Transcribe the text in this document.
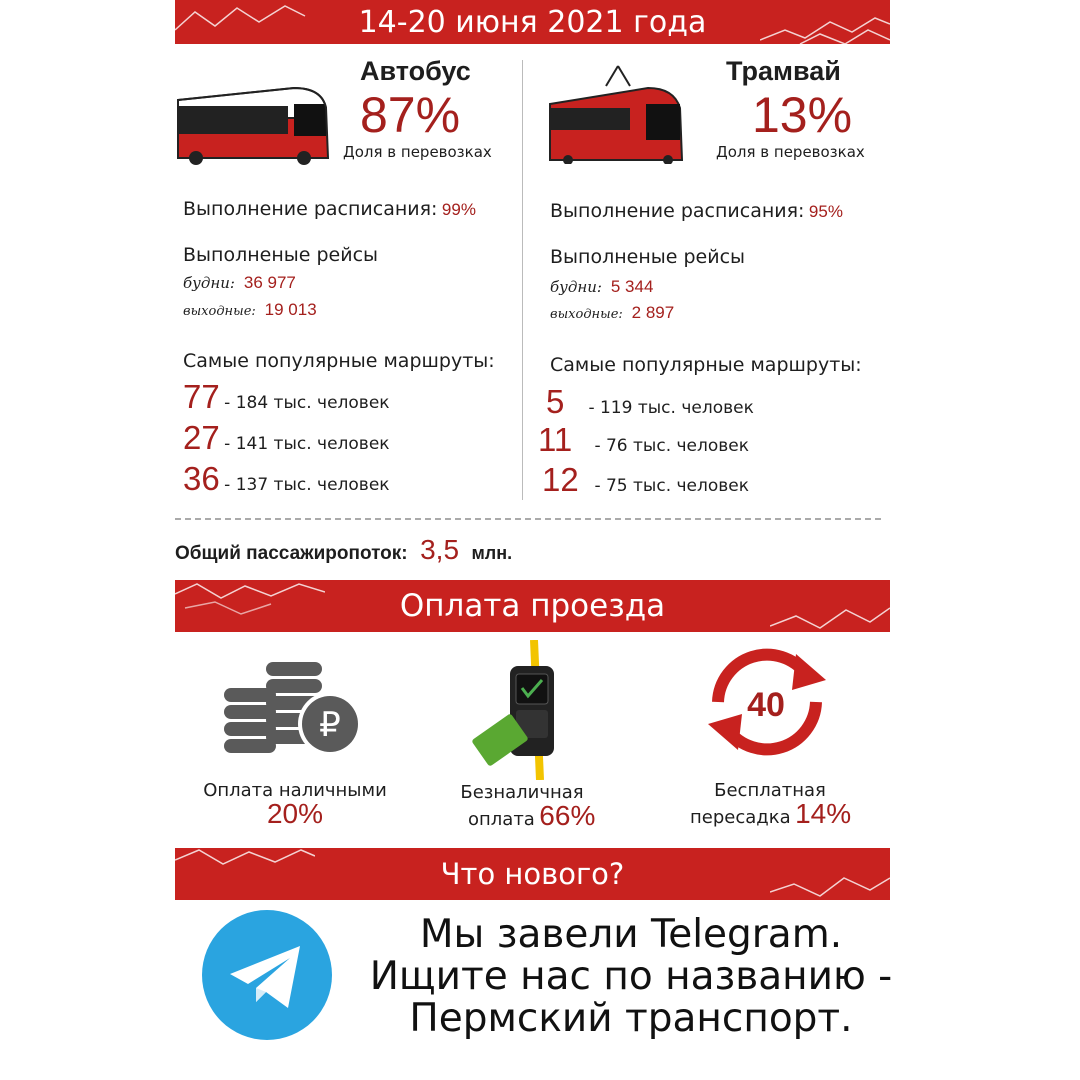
14-20 июня 2021 года
Автобус
87%
Доля в перевозках
Выполнение расписания: 99%
Выполненые рейсы
будни: 36 977
выходные: 19 013
Самые популярные маршруты:
77 - 184 тыс. человек
27 - 141 тыс. человек
36 - 137 тыс. человек
Трамвай
13%
Доля в перевозках
Выполнение расписания: 95%
Выполненые рейсы
будни: 5 344
выходные: 2 897
Самые популярные маршруты:
5 - 119 тыс. человек
11 - 76 тыс. человек
12 - 75 тыс. человек
Общий пассажиропоток: 3,5 млн.
Оплата проезда
₽
Оплата наличными
20%
Безналичная
оплата 66%
40
Бесплатная
пересадка 14%
Что нового?
Мы завели Telegram.
Ищите нас по названию -
Пермский транспорт.
